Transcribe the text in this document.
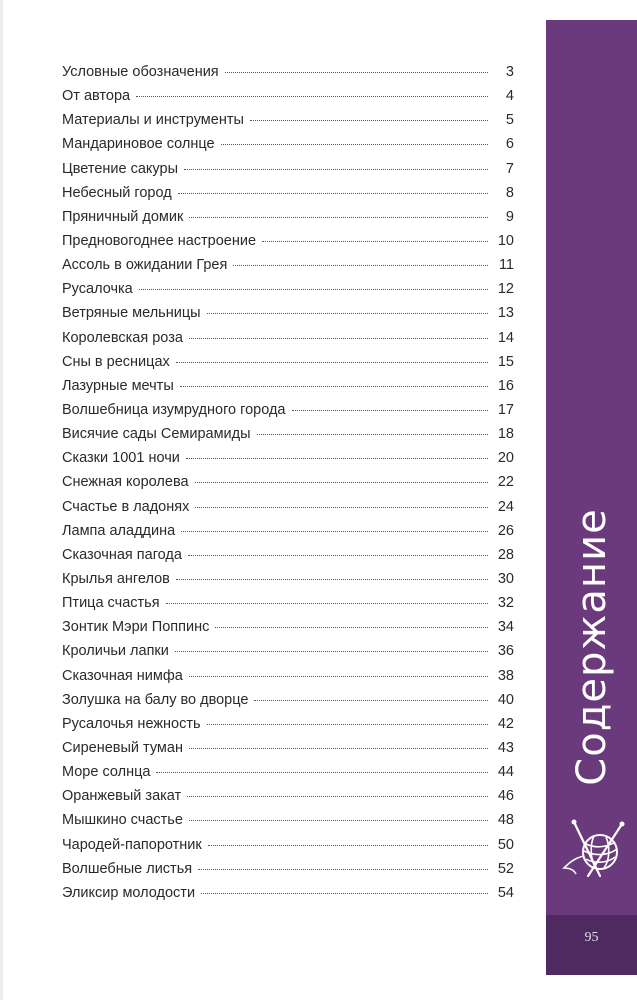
Условные обозначения	3
От автора	4
Материалы и инструменты	5
Мандариновое солнце	6
Цветение сакуры	7
Небесный город	8
Пряничный домик	9
Предновогоднее настроение	10
Ассоль в ожидании Грея	11
Русалочка	12
Ветряные мельницы	13
Королевская роза	14
Сны в ресницах	15
Лазурные мечты	16
Волшебница изумрудного города	17
Висячие сады Семирамиды	18
Сказки 1001 ночи	20
Снежная королева	22
Счастье в ладонях	24
Лампа аладдина	26
Сказочная пагода	28
Крылья ангелов	30
Птица счастья	32
Зонтик Мэри Поппинс	34
Кроличьи лапки	36
Сказочная нимфа	38
Золушка на балу во дворце	40
Русалочья нежность	42
Сиреневый туман	43
Море солнца	44
Оранжевый закат	46
Мышкино счастье	48
Чародей-папоротник	50
Волшебные листья	52
Эликсир молодости	54
Содержание
95
